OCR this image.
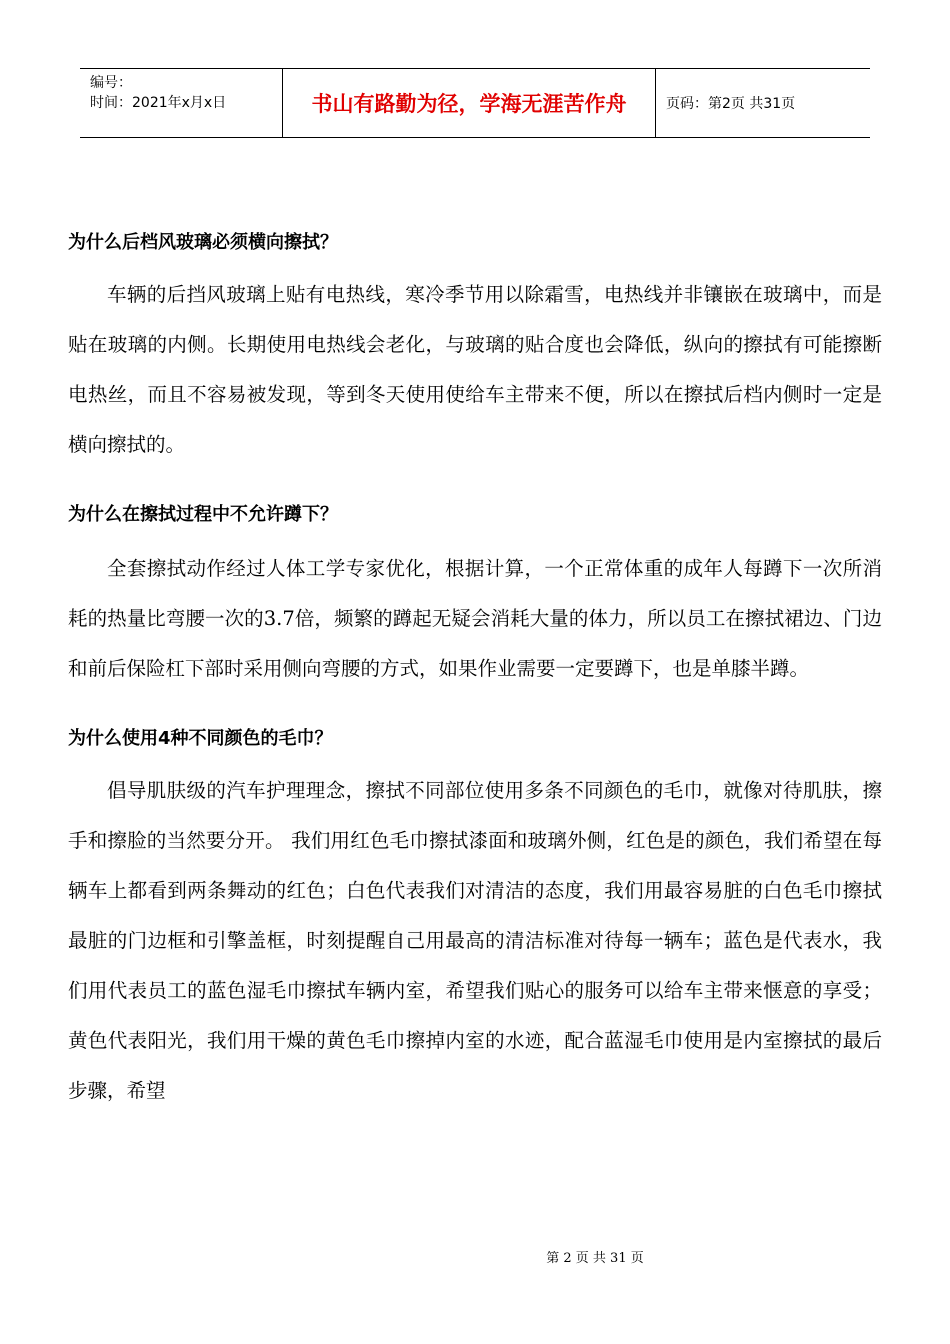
编号：
时间：2021年x月x日	书山有路勤为径，学海无涯苦作舟	页码：第2页 共31页
为什么后档风玻璃必须横向擦拭？

车辆的后挡风玻璃上贴有电热线，寒冷季节用以除霜雪，电热线并非镶嵌在玻璃中，而是贴在玻璃的内侧。长期使用电热线会老化，与玻璃的贴合度也会降低，纵向的擦拭有可能擦断电热丝，而且不容易被发现，等到冬天使用使给车主带来不便，所以在擦拭后档内侧时一定是横向擦拭的。

为什么在擦拭过程中不允许蹲下？

全套擦拭动作经过人体工学专家优化，根据计算，一个正常体重的成年人每蹲下一次所消耗的热量比弯腰一次的3.7倍，频繁的蹲起无疑会消耗大量的体力，所以员工在擦拭裙边、门边和前后保险杠下部时采用侧向弯腰的方式，如果作业需要一定要蹲下，也是单膝半蹲。

为什么使用4种不同颜色的毛巾？

倡导肌肤级的汽车护理理念，擦拭不同部位使用多条不同颜色的毛巾，就像对待肌肤，擦手和擦脸的当然要分开。 我们用红色毛巾擦拭漆面和玻璃外侧，红色是的颜色，我们希望在每辆车上都看到两条舞动的红色；白色代表我们对清洁的态度，我们用最容易脏的白色毛巾擦拭最脏的门边框和引擎盖框，时刻提醒自己用最高的清洁标准对待每一辆车；蓝色是代表水，我们用代表员工的蓝色湿毛巾擦拭车辆内室，希望我们贴心的服务可以给车主带来惬意的享受；黄色代表阳光，我们用干燥的黄色毛巾擦掉内室的水迹，配合蓝湿毛巾使用是内室擦拭的最后步骤，希望

第 2 页 共 31 页
